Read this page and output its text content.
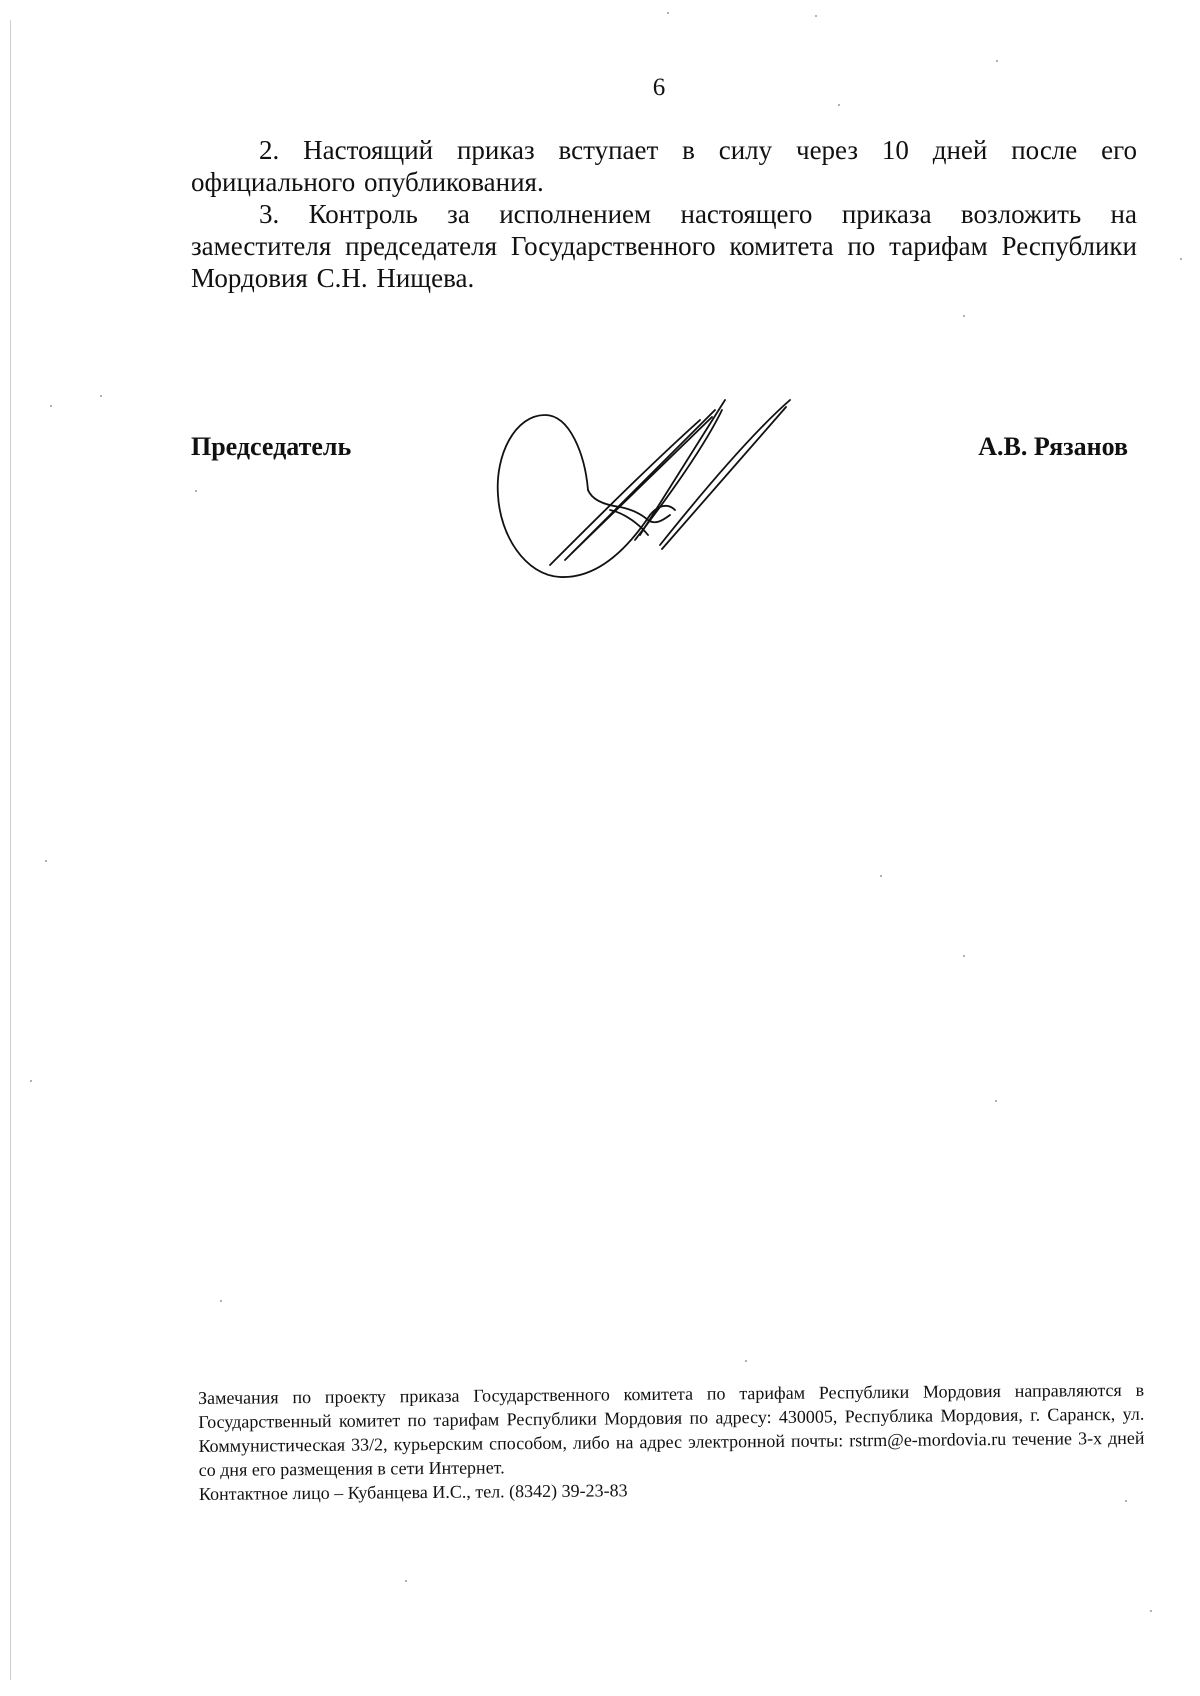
6

2. Настоящий приказ вступает в силу через 10 дней после его официального опубликования.

3. Контроль за исполнением настоящего приказа возложить на заместителя председателя Государственного комитета по тарифам Республики Мордовия С.Н. Нищева.

Председатель	А.В. Рязанов

Замечания по проекту приказа Государственного комитета по тарифам Республики Мордовия направляются в Государственный комитет по тарифам Республики Мордовия по адресу: 430005, Республика Мордовия, г. Саранск, ул. Коммунистическая 33/2, курьерским способом, либо на адрес электронной почты: rstrm@e-mordovia.ru течение 3-х дней со дня его размещения в сети Интернет.

Контактное лицо – Кубанцева И.С., тел. (8342) 39-23-83
